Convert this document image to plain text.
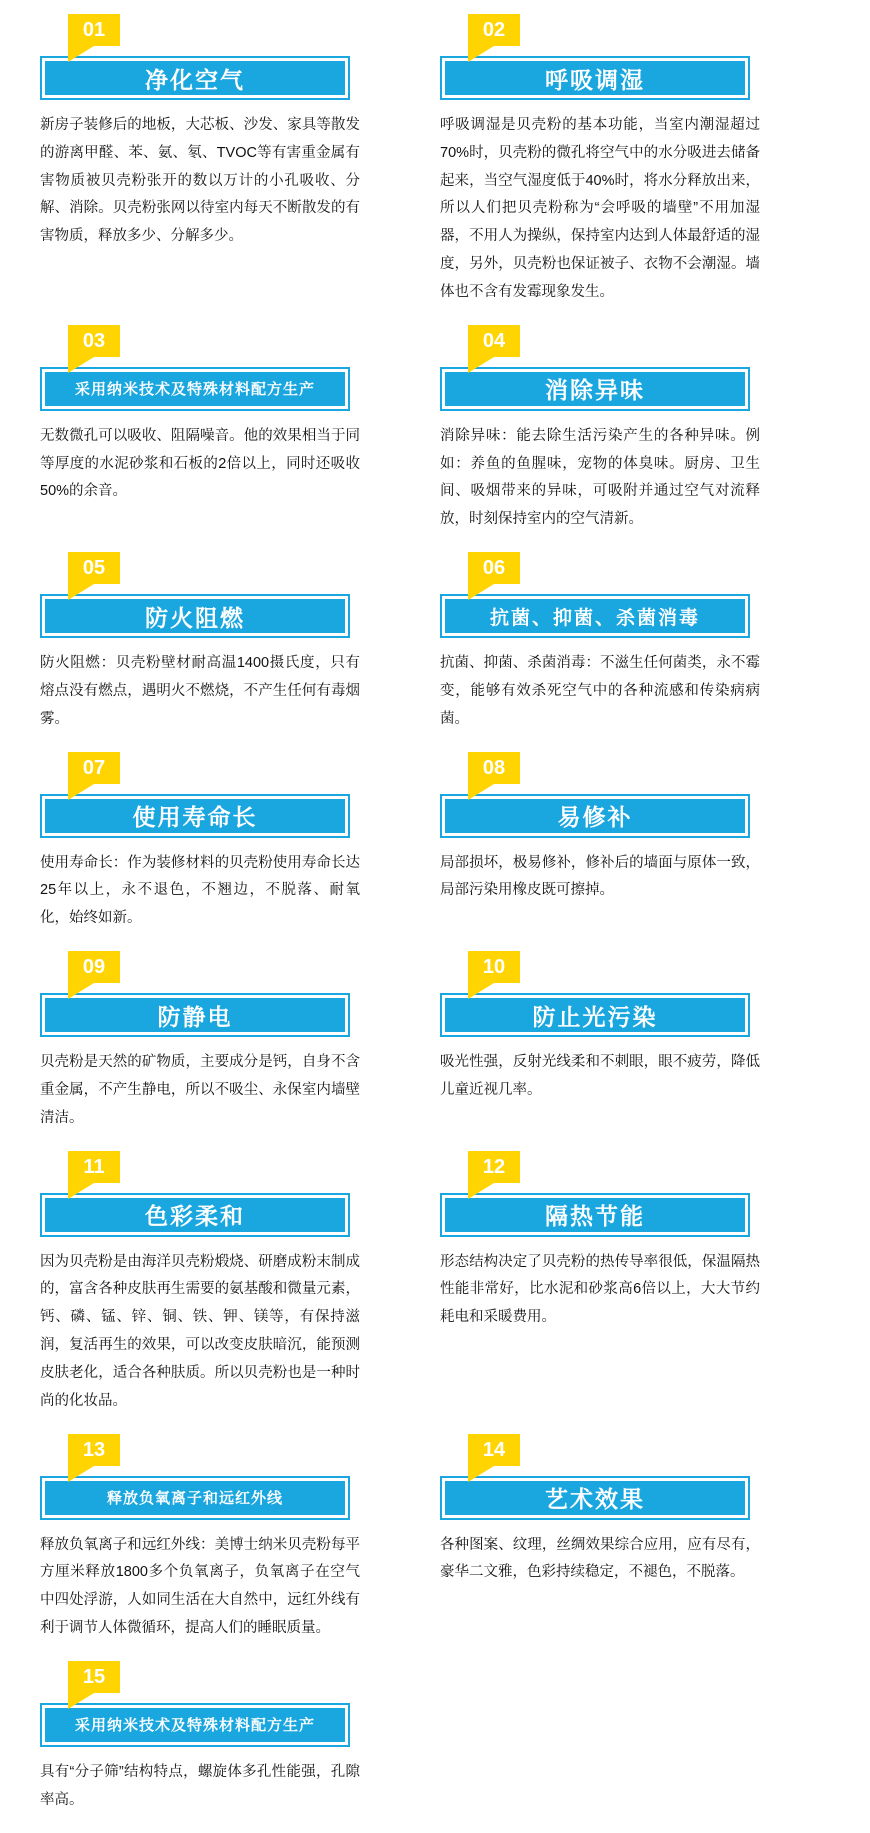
01
净化空气
新房子装修后的地板，大芯板、沙发、家具等散发的游离甲醛、苯、氨、氡、TVOC等有害重金属有害物质被贝壳粉张开的数以万计的小孔吸收、分解、消除。贝壳粉张网以待室内每天不断散发的有害物质，释放多少、分解多少。
02
呼吸调湿
呼吸调湿是贝壳粉的基本功能，当室内潮湿超过70%时，贝壳粉的微孔将空气中的水分吸进去储备起来，当空气湿度低于40%时，将水分释放出来，所以人们把贝壳粉称为“会呼吸的墙壁”不用加湿器，不用人为操纵，保持室内达到人体最舒适的湿度，另外，贝壳粉也保证被子、衣物不会潮湿。墙体也不含有发霉现象发生。
03
采用纳米技术及特殊材料配方生产
无数微孔可以吸收、阻隔噪音。他的效果相当于同等厚度的水泥砂浆和石板的2倍以上，同时还吸收50%的余音。
04
消除异味
消除异味：能去除生活污染产生的各种异味。例如：养鱼的鱼腥味，宠物的体臭味。厨房、卫生间、吸烟带来的异味，可吸附并通过空气对流释放，时刻保持室内的空气清新。
05
防火阻燃
防火阻燃：贝壳粉壁材耐高温1400摄氏度，只有熔点没有燃点，遇明火不燃烧，不产生任何有毒烟雾。
06
抗菌、抑菌、杀菌消毒
抗菌、抑菌、杀菌消毒：不滋生任何菌类，永不霉变，能够有效杀死空气中的各种流感和传染病病菌。
07
使用寿命长
使用寿命长：作为装修材料的贝壳粉使用寿命长达25年以上，永不退色，不翘边，不脱落、耐氧化，始终如新。
08
易修补
局部损坏，极易修补，修补后的墙面与原体一致，局部污染用橡皮既可擦掉。
09
防静电
贝壳粉是天然的矿物质，主要成分是钙，自身不含重金属，不产生静电，所以不吸尘、永保室内墙壁清洁。
10
防止光污染
吸光性强，反射光线柔和不刺眼，眼不疲劳，降低儿童近视几率。
11
色彩柔和
因为贝壳粉是由海洋贝壳粉煅烧、研磨成粉末制成的，富含各种皮肤再生需要的氨基酸和微量元素，钙、磷、锰、锌、铜、铁、钾、镁等，有保持滋润，复活再生的效果，可以改变皮肤暗沉，能预测皮肤老化，适合各种肤质。所以贝壳粉也是一种时尚的化妆品。
12
隔热节能
形态结构决定了贝壳粉的热传导率很低，保温隔热性能非常好，比水泥和砂浆高6倍以上，大大节约耗电和采暖费用。
13
释放负氧离子和远红外线
释放负氧离子和远红外线：美博士纳米贝壳粉每平方厘米释放1800多个负氧离子，负氧离子在空气中四处浮游，人如同生活在大自然中，远红外线有利于调节人体微循环，提高人们的睡眠质量。
14
艺术效果
各种图案、纹理，丝绸效果综合应用，应有尽有，豪华二文雅，色彩持续稳定，不褪色，不脱落。
15
采用纳米技术及特殊材料配方生产
具有“分子筛”结构特点，螺旋体多孔性能强，孔隙率高。
